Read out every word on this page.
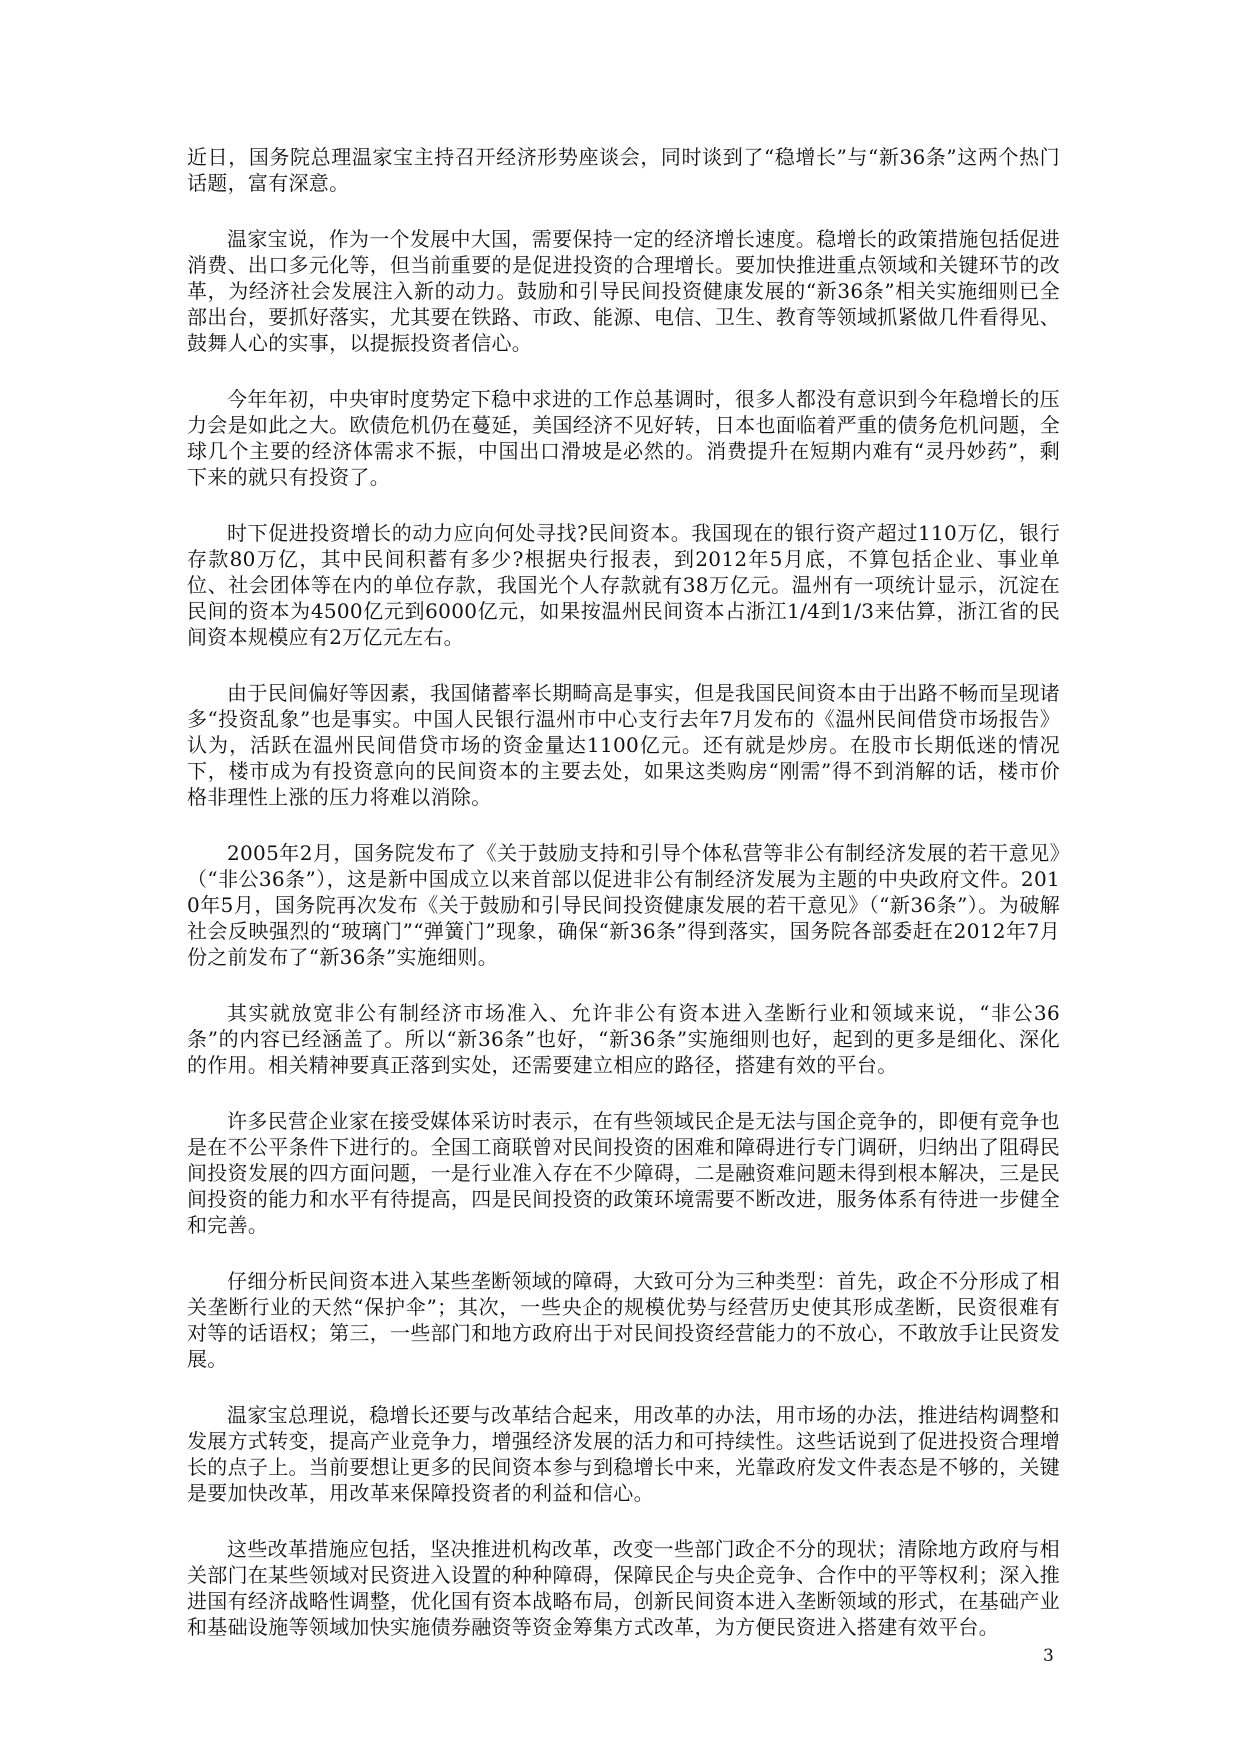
近日，国务院总理温家宝主持召开经济形势座谈会，同时谈到了“稳增长”与“新36条”这两个热门话题，富有深意。

温家宝说，作为一个发展中大国，需要保持一定的经济增长速度。稳增长的政策措施包括促进消费、出口多元化等，但当前重要的是促进投资的合理增长。要加快推进重点领域和关键环节的改革，为经济社会发展注入新的动力。鼓励和引导民间投资健康发展的“新36条”相关实施细则已全部出台，要抓好落实，尤其要在铁路、市政、能源、电信、卫生、教育等领域抓紧做几件看得见、鼓舞人心的实事，以提振投资者信心。

今年年初，中央审时度势定下稳中求进的工作总基调时，很多人都没有意识到今年稳增长的压力会是如此之大。欧债危机仍在蔓延，美国经济不见好转，日本也面临着严重的债务危机问题，全球几个主要的经济体需求不振，中国出口滑坡是必然的。消费提升在短期内难有“灵丹妙药”，剩下来的就只有投资了。

时下促进投资增长的动力应向何处寻找?民间资本。我国现在的银行资产超过110万亿，银行存款80万亿，其中民间积蓄有多少?根据央行报表，到2012年5月底，不算包括企业、事业单位、社会团体等在内的单位存款，我国光个人存款就有38万亿元。温州有一项统计显示，沉淀在民间的资本为4500亿元到6000亿元，如果按温州民间资本占浙江1/4到1/3来估算，浙江省的民间资本规模应有2万亿元左右。

由于民间偏好等因素，我国储蓄率长期畸高是事实，但是我国民间资本由于出路不畅而呈现诸多“投资乱象”也是事实。中国人民银行温州市中心支行去年7月发布的《温州民间借贷市场报告》认为，活跃在温州民间借贷市场的资金量达1100亿元。还有就是炒房。在股市长期低迷的情况下，楼市成为有投资意向的民间资本的主要去处，如果这类购房“刚需”得不到消解的话，楼市价格非理性上涨的压力将难以消除。

2005年2月，国务院发布了《关于鼓励支持和引导个体私营等非公有制经济发展的若干意见》（“非公36条”），这是新中国成立以来首部以促进非公有制经济发展为主题的中央政府文件。2010年5月，国务院再次发布《关于鼓励和引导民间投资健康发展的若干意见》（“新36条”）。为破解社会反映强烈的“玻璃门”“弹簧门”现象，确保“新36条”得到落实，国务院各部委赶在2012年7月份之前发布了“新36条”实施细则。

其实就放宽非公有制经济市场准入、允许非公有资本进入垄断行业和领域来说，“非公36条”的内容已经涵盖了。所以“新36条”也好，“新36条”实施细则也好，起到的更多是细化、深化的作用。相关精神要真正落到实处，还需要建立相应的路径，搭建有效的平台。

许多民营企业家在接受媒体采访时表示，在有些领域民企是无法与国企竞争的，即便有竞争也是在不公平条件下进行的。全国工商联曾对民间投资的困难和障碍进行专门调研，归纳出了阻碍民间投资发展的四方面问题，一是行业准入存在不少障碍，二是融资难问题未得到根本解决，三是民间投资的能力和水平有待提高，四是民间投资的政策环境需要不断改进，服务体系有待进一步健全和完善。

仔细分析民间资本进入某些垄断领域的障碍，大致可分为三种类型：首先，政企不分形成了相关垄断行业的天然“保护伞”；其次，一些央企的规模优势与经营历史使其形成垄断，民资很难有对等的话语权；第三，一些部门和地方政府出于对民间投资经营能力的不放心，不敢放手让民资发展。

温家宝总理说，稳增长还要与改革结合起来，用改革的办法，用市场的办法，推进结构调整和发展方式转变，提高产业竞争力，增强经济发展的活力和可持续性。这些话说到了促进投资合理增长的点子上。当前要想让更多的民间资本参与到稳增长中来，光靠政府发文件表态是不够的，关键是要加快改革，用改革来保障投资者的利益和信心。

这些改革措施应包括，坚决推进机构改革，改变一些部门政企不分的现状；清除地方政府与相关部门在某些领域对民资进入设置的种种障碍，保障民企与央企竞争、合作中的平等权利；深入推进国有经济战略性调整，优化国有资本战略布局，创新民间资本进入垄断领域的形式，在基础产业和基础设施等领域加快实施债券融资等资金筹集方式改革，为方便民资进入搭建有效平台。

3
